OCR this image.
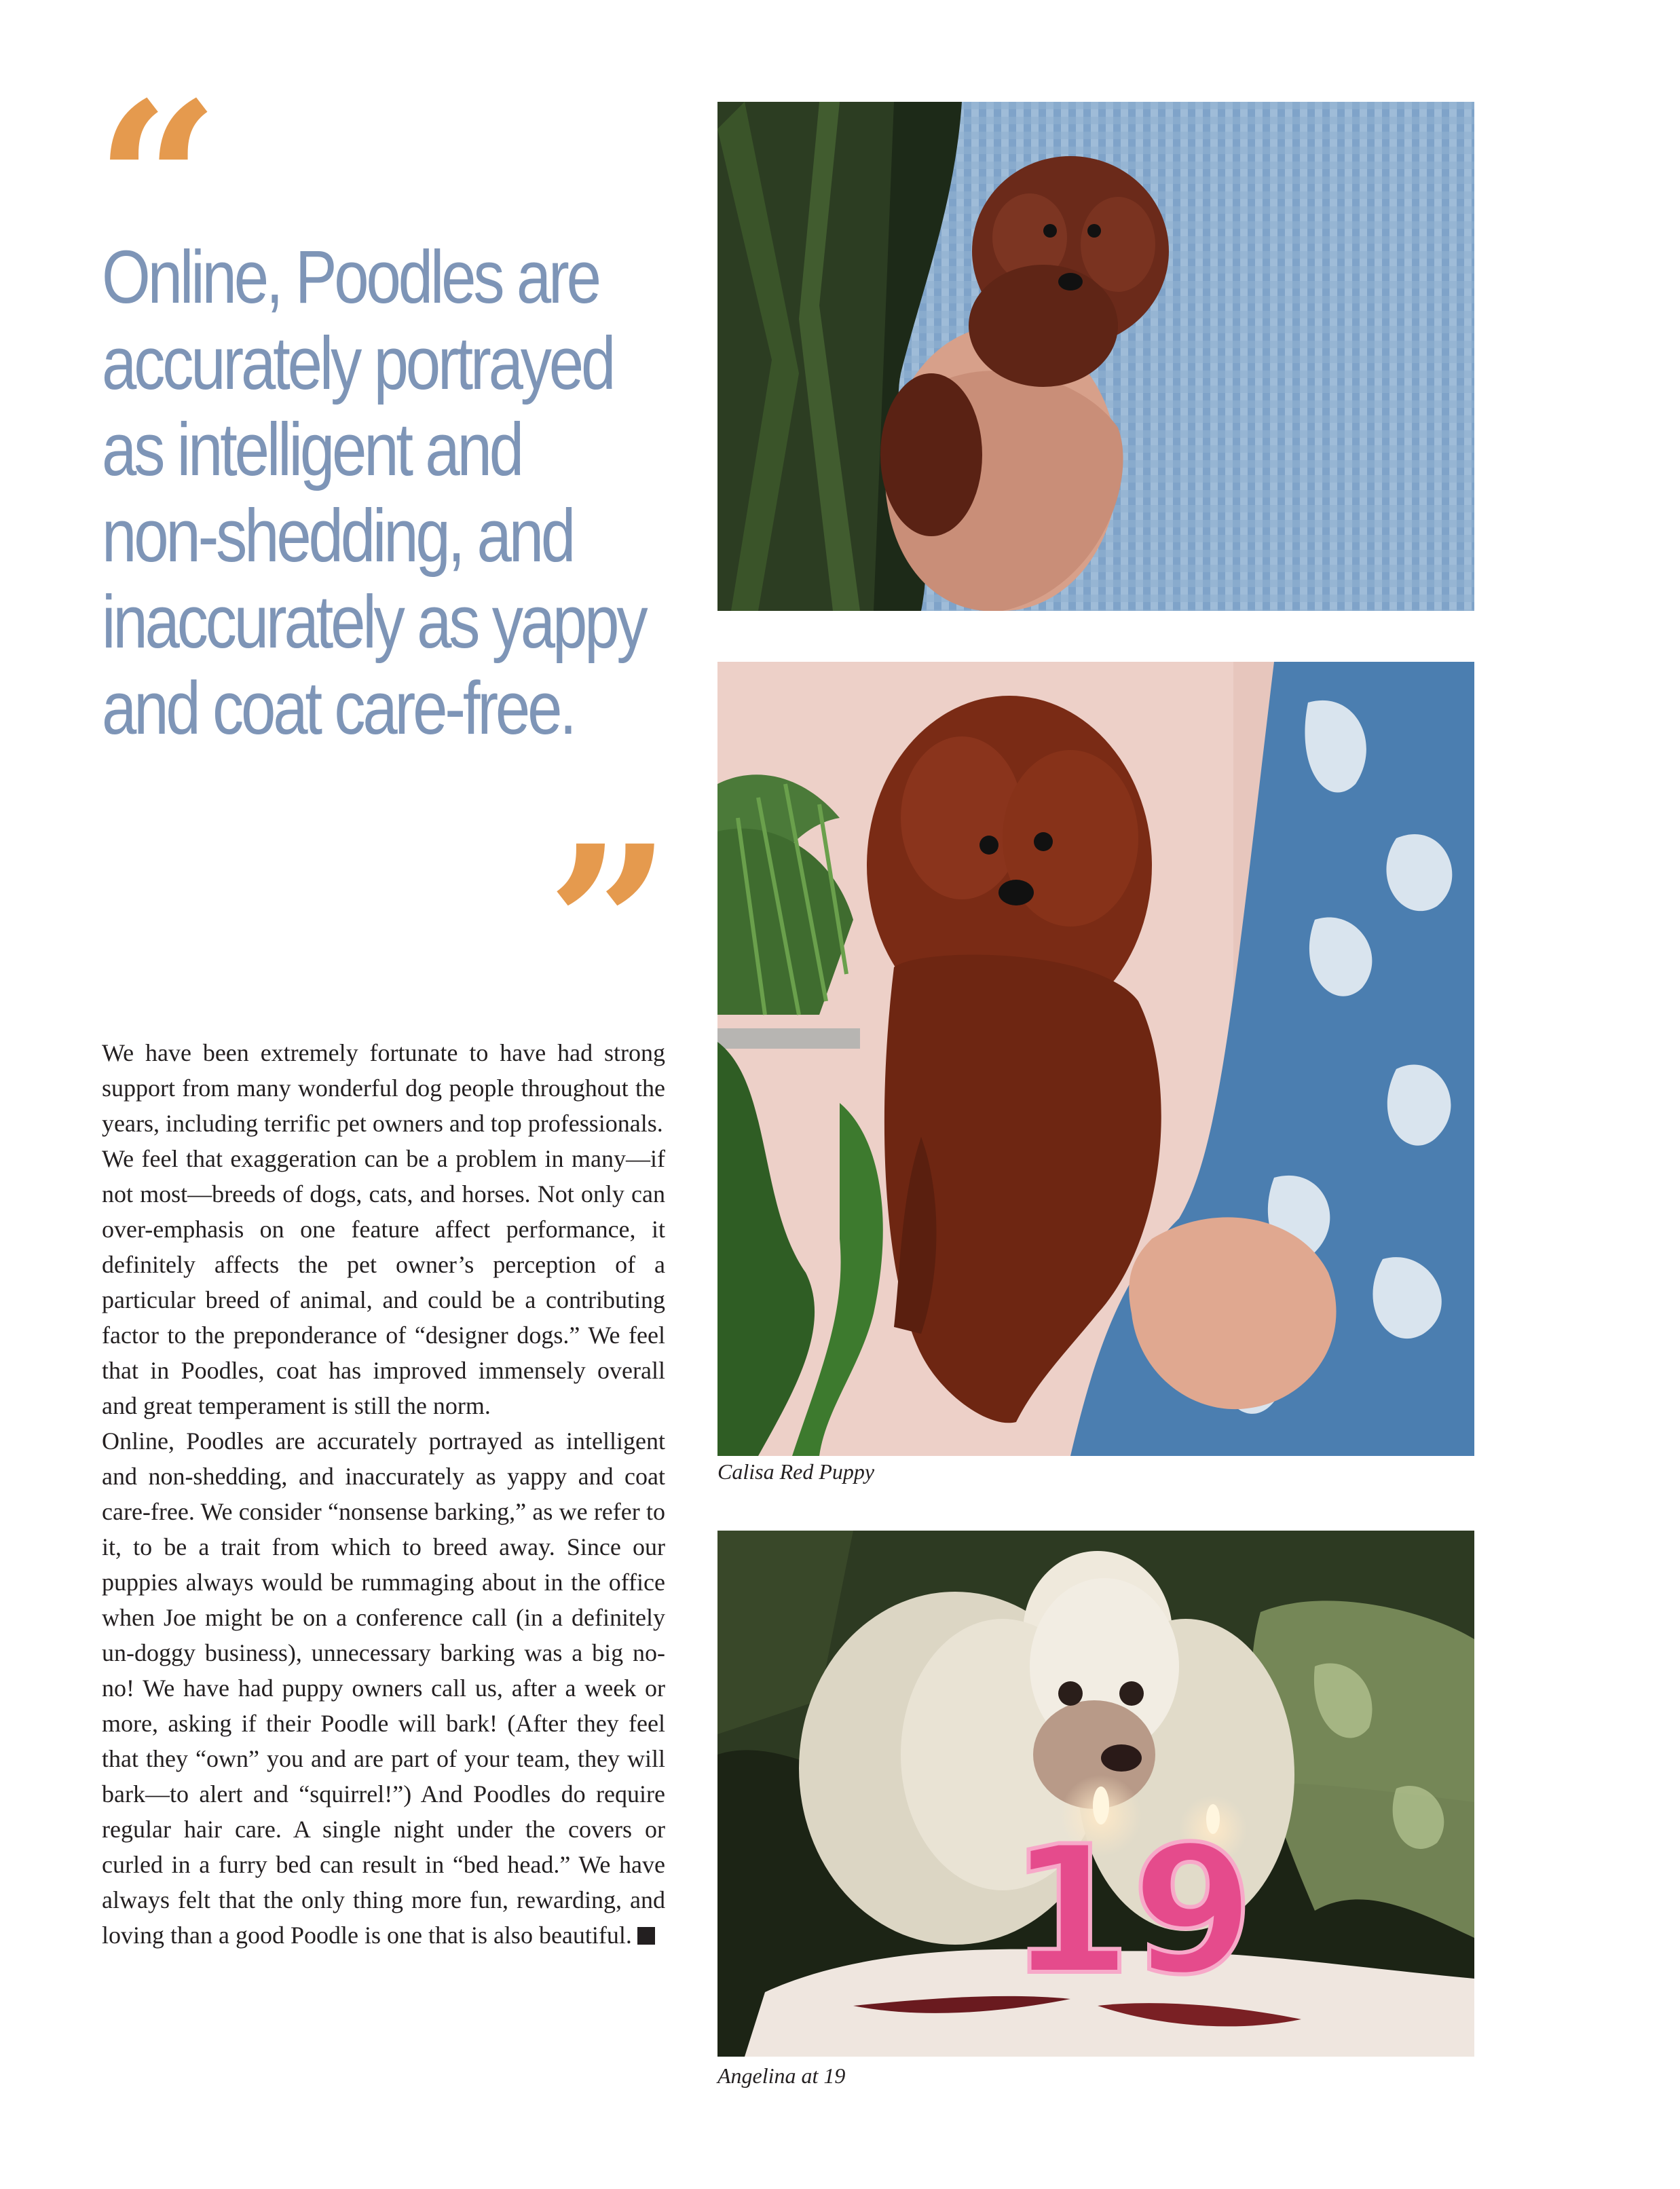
“
Online, Poodles are
accurately portrayed
as intelligent and
non-shedding, and
inaccurately as yappy
and coat care-free.
”

We have been extremely fortunate to have had strong support from many wonderful dog people throughout the years, including terrific pet owners and top professionals.

We feel that exaggeration can be a problem in many—if not most—breeds of dogs, cats, and horses. Not only can over-emphasis on one feature affect performance, it definitely affects the pet owner’s perception of a particular breed of animal, and could be a contributing factor to the preponderance of “designer dogs.” We feel that in Poodles, coat has improved immensely overall and great temperament is still the norm.

Online, Poodles are accurately portrayed as intelligent and non-shedding, and inaccurately as yappy and coat care-free. We consider “nonsense barking,” as we refer to it, to be a trait from which to breed away. Since our puppies always would be rummaging about in the office when Joe might be on a conference call (in a definitely un-doggy business), unnecessary barking was a big no-no! We have had puppy owners call us, after a week or more, asking if their Poodle will bark! (After they feel that they “own” you and are part of your team, they will bark—to alert and “squirrel!”) And Poodles do require regular hair care. A single night under the covers or curled in a furry bed can result in “bed head.” We have always felt that the only thing more fun, rewarding, and loving than a good Poodle is one that is also beautiful.

Calisa Red Puppy
19
Angelina at 19
